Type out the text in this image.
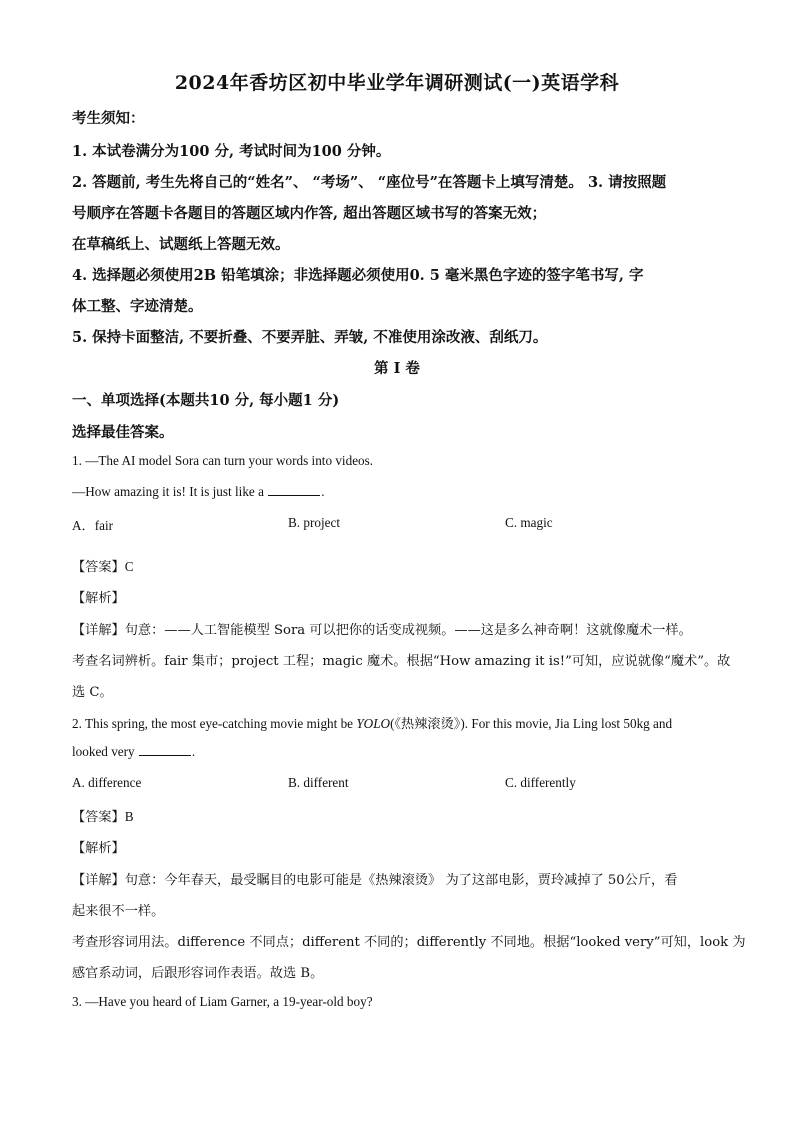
2024年香坊区初中毕业学年调研测试(一)英语学科
考生须知：
1. 本试卷满分为100 分, 考试时间为100 分钟。
2. 答题前, 考生先将自己的“姓名”、 “考场”、 “座位号”在答题卡上填写清楚。 3. 请按照题
号顺序在答题卡各题目的答题区域内作答, 超出答题区域书写的答案无效；
在草稿纸上、试题纸上答题无效。
4. 选择题必须使用2B 铅笔填涂；非选择题必须使用0. 5 毫米黑色字迹的签字笔书写, 字
体工整、字迹清楚。
5. 保持卡面整洁, 不要折叠、不要弄脏、弄皱, 不准使用涂改液、刮纸刀。
第 I 卷
一、单项选择(本题共10 分, 每小题1 分)
选择最佳答案。
1. —The AI model Sora can turn your words into videos.
—How amazing it is! It is just like a	.
A．fair	B. project	C. magic
【答案】C
【解析】
【详解】句意：——人工智能模型 Sora 可以把你的话变成视频。——这是多么神奇啊！这就像魔术一样。
考查名词辨析。fair 集市；project 工程；magic 魔术。根据“How amazing it is!”可知，应说就像“魔术”。故
选 C。
2. This spring, the most eye-catching movie might be YOLO(《热辣滚烫》). For this movie, Jia Ling lost 50kg and
looked very	.
A. difference	B. different	C. differently
【答案】B
【解析】
【详解】句意：今年春天，最受瞩目的电影可能是《热辣滚烫》 为了这部电影，贾玲减掉了 50公斤，看
起来很不一样。
考查形容词用法。difference 不同点；different 不同的；differently 不同地。根据“looked very”可知，look 为
感官系动词，后跟形容词作表语。故选 B。
3. —Have you heard of Liam Garner, a 19-year-old boy?
